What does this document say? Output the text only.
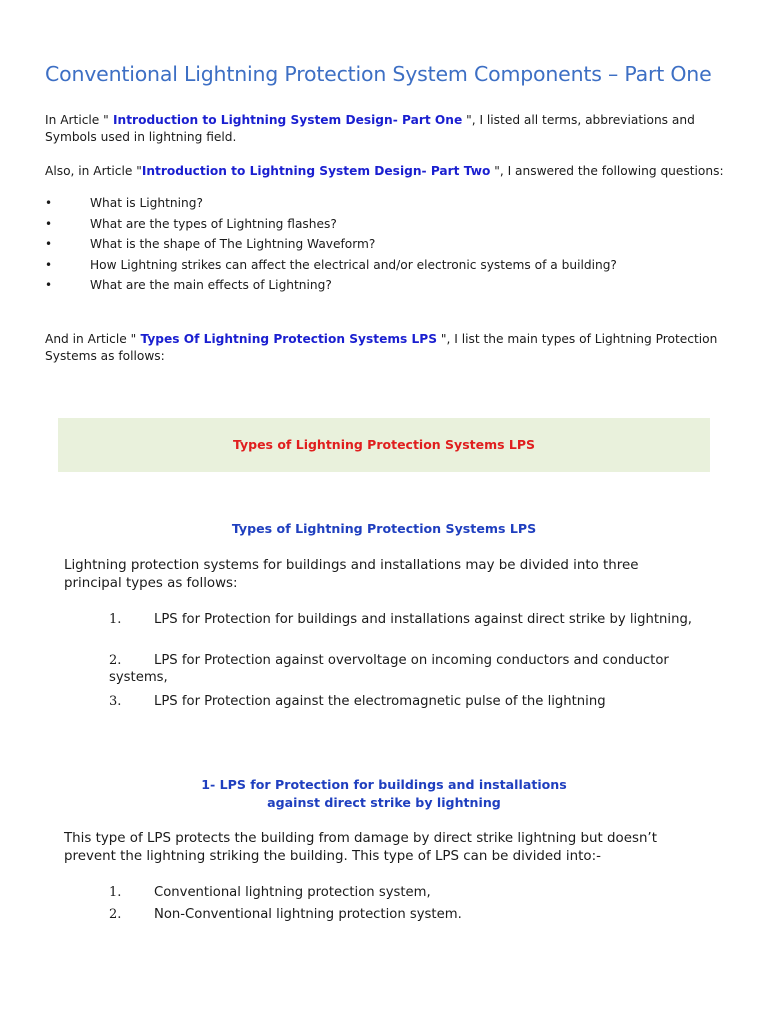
Conventional Lightning Protection System Components – Part One
In Article " Introduction to Lightning System Design- Part One ", I listed all terms, abbreviations and Symbols used in lightning field.
Also, in Article "Introduction to Lightning System Design- Part Two ", I answered the following questions:
•	What is Lightning?
•	What are the types of Lightning flashes?
•	What is the shape of The Lightning Waveform?
•	How Lightning strikes can affect the electrical and/or electronic systems of a building?
•	What are the main effects of Lightning?
And in Article " Types Of Lightning Protection Systems LPS ", I list the main types of Lightning Protection Systems as follows:
Types of Lightning Protection Systems LPS
Types of Lightning Protection Systems LPS
Lightning protection systems for buildings and installations may be divided into three principal types as follows:
1. LPS for Protection for buildings and installations against direct strike by lightning,
2. LPS for Protection against overvoltage on incoming conductors and conductor systems,
3. LPS for Protection against the electromagnetic pulse of the lightning
1- LPS for Protection for buildings and installations
against direct strike by lightning
This type of LPS protects the building from damage by direct strike lightning but doesn’t prevent the lightning striking the building. This type of LPS can be divided into:-
1. Conventional lightning protection system,
2. Non-Conventional lightning protection system.
